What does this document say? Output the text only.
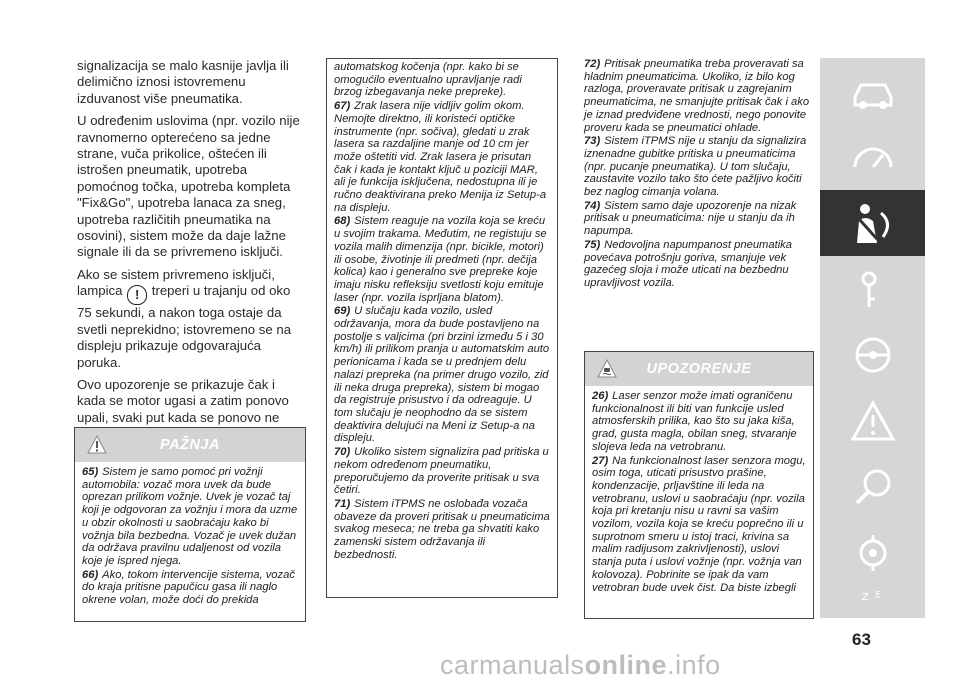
signalizacija se malo kasnije javlja ili delimično iznosi istovremenu izduvanost više pneumatika.

U određenim uslovima (npr. vozilo nije ravnomerno opterećeno sa jedne strane, vuča prikolice, oštećen ili istrošen pneumatik, upotreba pomoćnog točka, upotreba kompleta "Fix&Go", upotreba lanaca za sneg, upotreba različitih pneumatika na osovini), sistem može da daje lažne signale ili da se privremeno isključi.

Ako se sistem privremeno isključi, lampica ! treperi u trajanju od oko 75 sekundi, a nakon toga ostaje da svetli neprekidno; istovremeno se na displeju prikazuje odgovarajuća poruka.

Ovo upozorenje se prikazuje čak i kada se motor ugasi a zatim ponovo upali, svaki put kada se ponovo ne

PAŽNJA

65) Sistem je samo pomoć pri vožnji automobila: vozač mora uvek da bude oprezan prilikom vožnje. Uvek je vozač taj koji je odgovoran za vožnju i mora da uzme u obzir okolnosti u saobraćaju kako bi vožnja bila bezbedna. Vozač je uvek dužan da održava pravilnu udaljenost od vozila koje je ispred njega.

66) Ako, tokom intervencije sistema, vozač do kraja pritisne papučicu gasa ili naglo okrene volan, može doći do prekida

automatskog kočenja (npr. kako bi se omogućilo eventualno upravljanje radi brzog izbegavanja neke prepreke).

67) Zrak lasera nije vidljiv golim okom. Nemojte direktno, ili koristeći optičke instrumente (npr. sočiva), gledati u zrak lasera sa razdaljine manje od 10 cm jer može oštetiti vid. Zrak lasera je prisutan čak i kada je kontakt ključ u poziciji MAR, ali je funkcija isključena, nedostupna ili je ručno deaktivirana preko Menija iz Setup-a na displeju.

68) Sistem reaguje na vozila koja se kreću u svojim trakama. Međutim, ne registuju se vozila malih dimenzija (npr. bicikle, motori) ili osobe, životinje ili predmeti (npr. dečija kolica) kao i generalno sve prepreke koje imaju nisku refleksiju svetlosti koju emituje laser (npr. vozila isprljana blatom).

69) U slučaju kada vozilo, usled održavanja, mora da bude postavljeno na postolje s valjcima (pri brzini između 5 i 30 km/h) ili prilikom pranja u automatskim auto perionicama i kada se u prednjem delu nalazi prepreka (na primer drugo vozilo, zid ili neka druga prepreka), sistem bi mogao da registruje prisustvo i da odreaguje. U tom slučaju je neophodno da se sistem deaktivira delujući na Meni iz Setup-a na displeju.

70) Ukoliko sistem signalizira pad pritiska u nekom određenom pneumatiku, preporučujemo da proverite pritisak u sva četiri.

71) Sistem iTPMS ne oslobađa vozača obaveze da proveri pritisak u pneumaticima svakog meseca; ne treba ga shvatiti kako zamenski sistem održavanja ili bezbednosti.

72) Pritisak pneumatika treba proveravati sa hladnim pneumaticima. Ukoliko, iz bilo kog razloga, proveravate pritisak u zagrejanim pneumaticima, ne smanjujte pritisak čak i ako je iznad predviđene vrednosti, nego ponovite proveru kada se pneumatici ohlade.

73) Sistem iTPMS nije u stanju da signalizira iznenadne gubitke pritiska u pneumaticima (npr. pucanje pneumatika). U tom slučaju, zaustavite vozilo tako što ćete pažljivo kočiti bez naglog cimanja volana.

74) Sistem samo daje upozorenje na nizak pritisak u pneumaticima: nije u stanju da ih napumpa.

75) Nedovoljna napumpanost pneumatika povećava potrošnju goriva, smanjuje vek gazećeg sloja i može uticati na bezbednu upravljivost vozila.

UPOZORENJE

26) Laser senzor može imati ograničenu funkcionalnost ili biti van funkcije usled atmosferskih prilika, kao što su jaka kiša, grad, gusta magla, obilan sneg, stvaranje slojeva leda na vetrobranu.

27) Na funkcionalnost laser senzora mogu, osim toga, uticati prisustvo prašine, kondenzacije, prljavštine ili leda na vetrobranu, uslovi u saobraćaju (npr. vozila koja pri kretanju nisu u ravni sa vašim vozilom, vozila koja se kreću poprečno ili u suprotnom smeru u istoj traci, krivina sa malim radijusom zakrivljenosti), uslovi stanja puta i uslovi vožnje (npr. vožnja van kolovoza). Pobrinite se ipak da vam vetrobran bude uvek čist. Da biste izbegli

Z E
63
carmanualsonline.info
